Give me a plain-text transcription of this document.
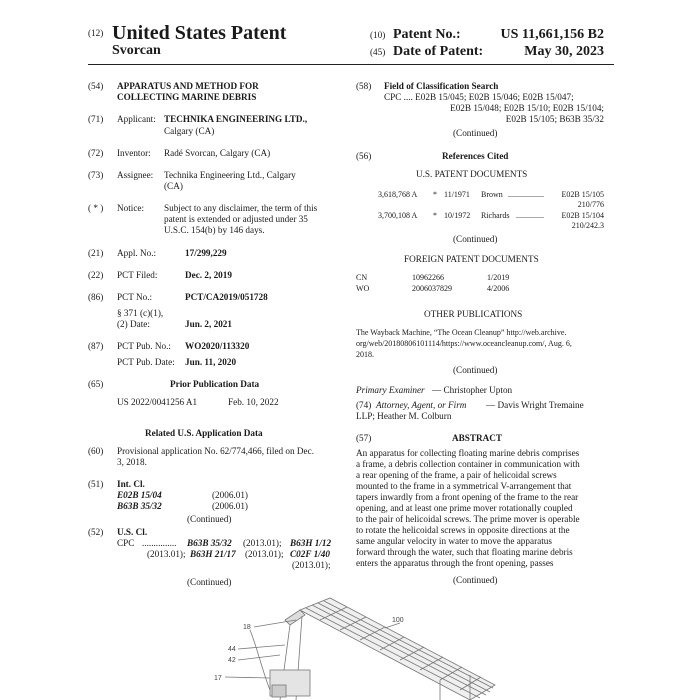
(12) United States Patent
Svorcan
(10) Patent No.:	US 11,661,156 B2
(45) Date of Patent:	May 30, 2023
(54) APPARATUS AND METHOD FOR
COLLECTING MARINE DEBRIS
(71) Applicant: TECHNIKA ENGINEERING LTD.,
Calgary (CA)
(72) Inventor: Radé Svorcan, Calgary (CA)
(73) Assignee: Technika Engineering Ltd., Calgary
(CA)
( * ) Notice: Subject to any disclaimer, the term of this
patent is extended or adjusted under 35
U.S.C. 154(b) by 146 days.
(21) Appl. No.:	17/299,229
(22) PCT Filed:	Dec. 2, 2019
(86) PCT No.:	PCT/CA2019/051728
§ 371 (c)(1),
(2) Date:	Jun. 2, 2021
(87) PCT Pub. No.: WO2020/113320
PCT Pub. Date: Jun. 11, 2020
(65)	Prior Publication Data
US 2022/0041256 A1	Feb. 10, 2022
Related U.S. Application Data
(60) Provisional application No. 62/774,466, filed on Dec.
3, 2018.
(51) Int. Cl.
E02B 15/04	(2006.01)
B63B 35/32	(2006.01)
(Continued)
(52) U.S. Cl.
CPC ............... B63B 35/32 (2013.01); B63H 1/12
(2013.01); B63H 21/17 (2013.01); C02F 1/40
(2013.01);
(Continued)
(58) Field of Classification Search
CPC .... E02B 15/045; E02B 15/046; E02B 15/047;
E02B 15/048; E02B 15/10; E02B 15/104;
E02B 15/105; B63B 35/32
(Continued)
(56)	References Cited
U.S. PATENT DOCUMENTS
3,618,768 A * 11/1971 Brown ..................	E02B 15/105
210/776
3,700,108 A * 10/1972 Richards ..............	E02B 15/104
210/242.3
(Continued)
FOREIGN PATENT DOCUMENTS
CN	10962266	1/2019
WO	2006037829	4/2006
OTHER PUBLICATIONS
The Wayback Machine, “The Ocean Cleanup” http://web.archive.
org/web/20180806101114/https://www.oceancleanup.com/, Aug. 6,
2018.
(Continued)
Primary Examiner — Christopher Upton
(74) Attorney, Agent, or Firm — Davis Wright Tremaine
LLP; Heather M. Colburn
(57)	ABSTRACT
An apparatus for collecting floating marine debris comprises
a frame, a debris collection container in communication with
a rear opening of the frame, a pair of helicoidal screws
mounted to the frame in a symmetrical V-arrangement that
tapers inwardly from a front opening of the frame to the rear
opening, and at least one prime mover rotationally coupled
to the pair of helicoidal screws. The prime mover is operable
to rotate the helicoidal screws in opposite directions at the
same angular velocity in water to move the apparatus
forward through the water, such that floating marine debris
enters the apparatus through the front opening, passes
(Continued)
18
44
42
17
100
